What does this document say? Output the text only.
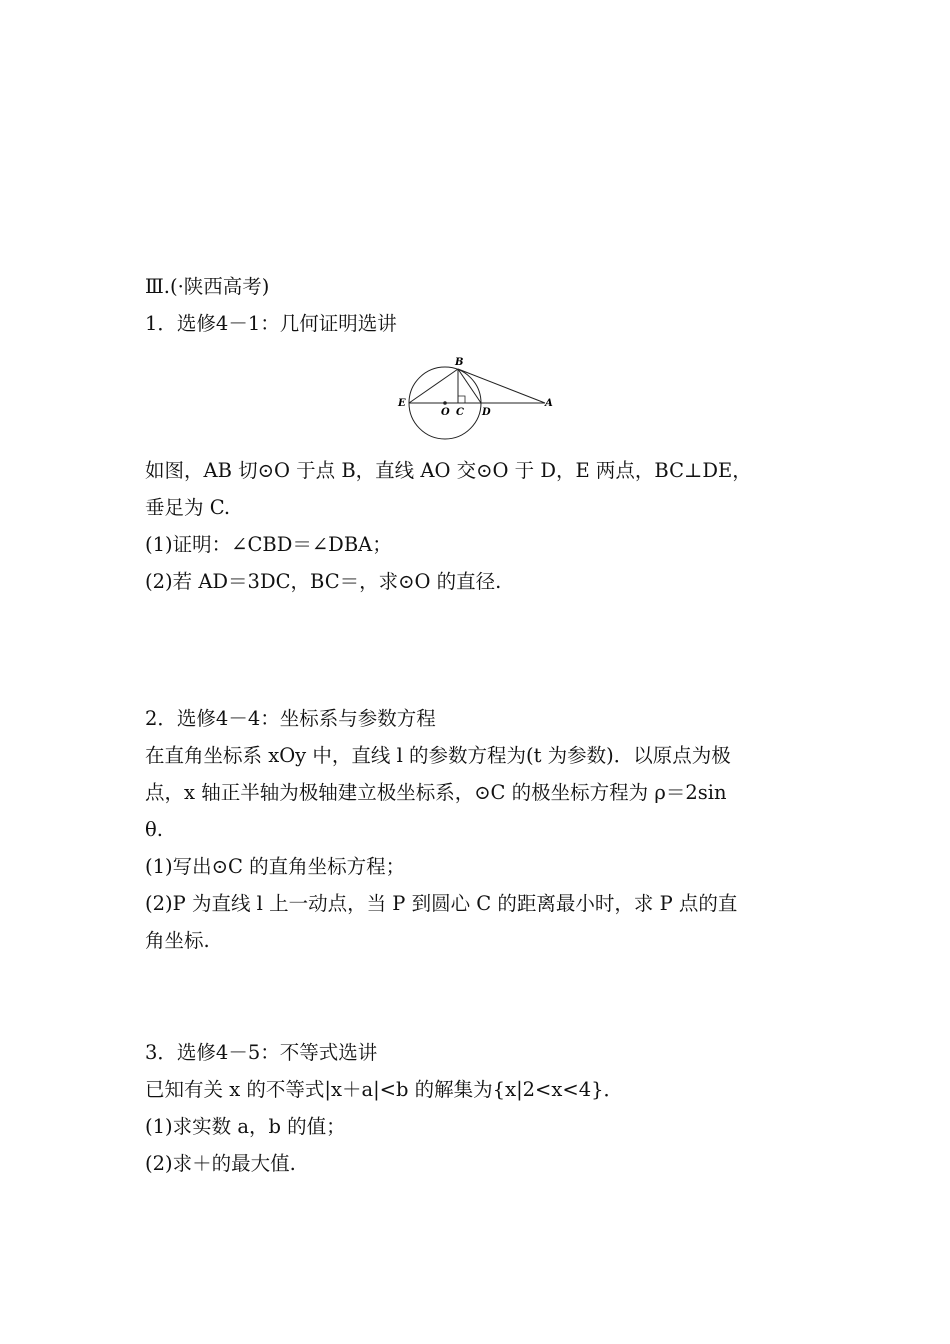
Ⅲ.(·陕西高考)
1．选修4－1：几何证明选讲
B
E
O C D
A
如图，AB 切⊙O 于点 B，直线 AO 交⊙O 于 D，E 两点，BC⊥DE，
垂足为 C.
(1)证明：∠CBD＝∠DBA；
(2)若 AD＝3DC，BC＝，求⊙O 的直径.
2．选修4－4：坐标系与参数方程
在直角坐标系 xOy 中，直线 l 的参数方程为(t 为参数)．以原点为极
点，x 轴正半轴为极轴建立极坐标系，⊙C 的极坐标方程为 ρ＝2sin
θ.
(1)写出⊙C 的直角坐标方程；
(2)P 为直线 l 上一动点，当 P 到圆心 C 的距离最小时，求 P 点的直
角坐标.
3．选修4－5：不等式选讲
已知有关 x 的不等式|x＋a|<b 的解集为{x|2<x<4}．
(1)求实数 a，b 的值；
(2)求＋的最大值.
